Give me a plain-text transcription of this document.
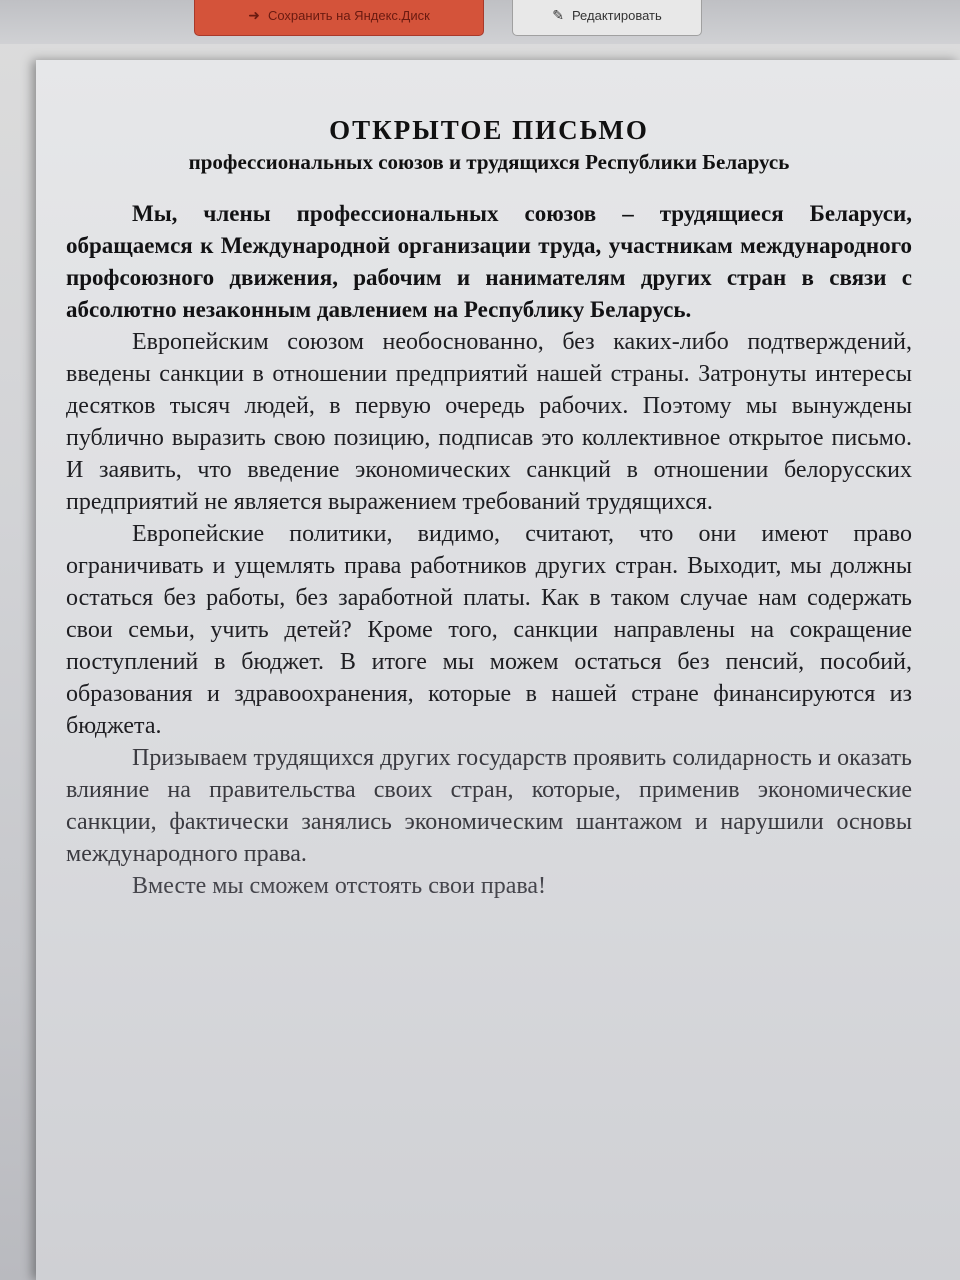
➜ Сохранить на Яндекс.Диск	✎ Редактировать
ОТКРЫТОЕ ПИСЬМО
профессиональных союзов и трудящихся Республики Беларусь

Мы, члены профессиональных союзов – трудящиеся Беларуси, обращаемся к Международной организации труда, участникам международного профсоюзного движения, рабочим и нанимателям других стран в связи с абсолютно незаконным давлением на Республику Беларусь.

Европейским союзом необоснованно, без каких-либо подтверждений, введены санкции в отношении предприятий нашей страны. Затронуты интересы десятков тысяч людей, в первую очередь рабочих. Поэтому мы вынуждены публично выразить свою позицию, подписав это коллективное открытое письмо. И заявить, что введение экономических санкций в отношении белорусских предприятий не является выражением требований трудящихся.

Европейские политики, видимо, считают, что они имеют право ограничивать и ущемлять права работников других стран. Выходит, мы должны остаться без работы, без заработной платы. Как в таком случае нам содержать свои семьи, учить детей? Кроме того, санкции направлены на сокращение поступлений в бюджет. В итоге мы можем остаться без пенсий, пособий, образования и здравоохранения, которые в нашей стране финансируются из бюджета.

Призываем трудящихся других государств проявить солидарность и оказать влияние на правительства своих стран, которые, применив экономические санкции, фактически занялись экономическим шантажом и нарушили основы международного права.

Вместе мы сможем отстоять свои права!
